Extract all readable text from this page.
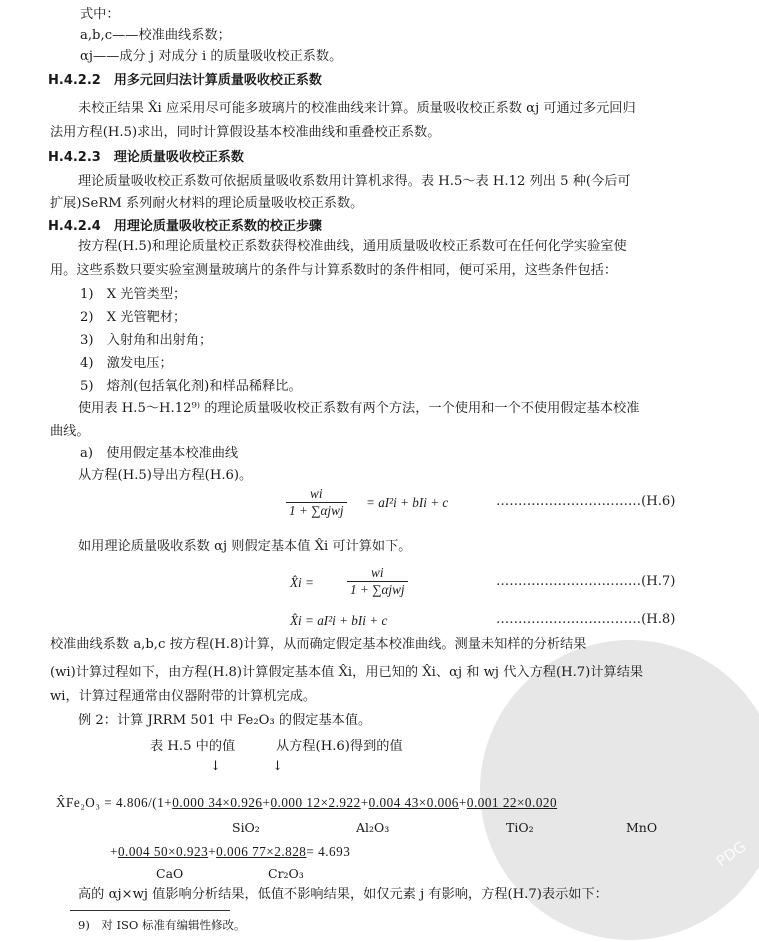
PDG
式中：
a,b,c——校准曲线系数；
αj——成分 j 对成分 i 的质量吸收校正系数。
H.4.2.2　用多元回归法计算质量吸收校正系数
未校正结果 X̂i 应采用尽可能多玻璃片的校准曲线来计算。质量吸收校正系数 αj 可通过多元回归
法用方程(H.5)求出，同时计算假设基本校准曲线和重叠校正系数。
H.4.2.3　理论质量吸收校正系数
理论质量吸收校正系数可依据质量吸收系数用计算机求得。表 H.5～表 H.12 列出 5 种(今后可
扩展)SeRM 系列耐火材料的理论质量吸收校正系数。
H.4.2.4　用理论质量吸收校正系数的校正步骤
按方程(H.5)和理论质量校正系数获得校准曲线，通用质量吸收校正系数可在任何化学实验室使
用。这些系数只要实验室测量玻璃片的条件与计算系数时的条件相同，便可采用，这些条件包括：
1)　X 光管类型；
2)　X 光管靶材；
3)　入射角和出射角；
4)　激发电压；
5)　熔剂(包括氧化剂)和样品稀释比。
使用表 H.5～H.12⁹⁾ 的理论质量吸收校正系数有两个方法，一个使用和一个不使用假定基本校准
曲线。
a)　使用假定基本校准曲线
从方程(H.5)导出方程(H.6)。
wi
1 + ∑αjwj
= aI²i + bIi + c	……………………………(H.6)
如用理论质量吸收系数 αj 则假定基本值 X̂i 可计算如下。
X̂i =
wi
1 + ∑αjwj
……………………………(H.7)
X̂i = aI²i + bIi + c	……………………………(H.8)
校准曲线系数 a,b,c 按方程(H.8)计算，从而确定假定基本校准曲线。测量未知样的分析结果
(wi)计算过程如下，由方程(H.8)计算假定基本值 X̂i，用已知的 X̂i、αj 和 wj 代入方程(H.7)计算结果
wi，计算过程通常由仪器附带的计算机完成。
例 2：计算 JRRM 501 中 Fe₂O₃ 的假定基本值。
表 H.5 中的值	从方程(H.6)得到的值
↓	↓
X̂Fe₂O₃ = 4.806/(1+0.000 34×0.926+0.000 12×2.922+0.004 43×0.006+0.001 22×0.020
SiO₂	Al₂O₃	TiO₂	MnO
+0.004 50×0.923+0.006 77×2.828= 4.693
CaO	Cr₂O₃
高的 αj×wj 值影响分析结果，低值不影响结果，如仅元素 j 有影响，方程(H.7)表示如下：
9)　对 ISO 标准有编辑性修改。
